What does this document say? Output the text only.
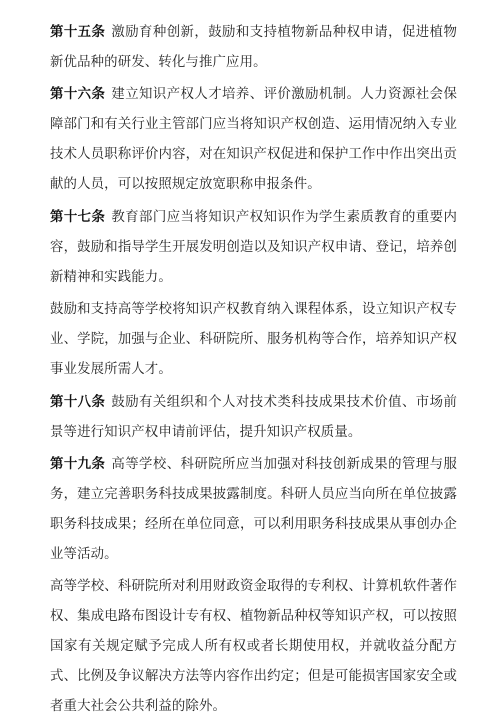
第十五条 激励育种创新，鼓励和支持植物新品种权申请，促进植物新优品种的研发、转化与推广应用。

第十六条 建立知识产权人才培养、评价激励机制。人力资源社会保障部门和有关行业主管部门应当将知识产权创造、运用情况纳入专业技术人员职称评价内容，对在知识产权促进和保护工作中作出突出贡献的人员，可以按照规定放宽职称申报条件。

第十七条 教育部门应当将知识产权知识作为学生素质教育的重要内容，鼓励和指导学生开展发明创造以及知识产权申请、登记，培养创新精神和实践能力。

鼓励和支持高等学校将知识产权教育纳入课程体系，设立知识产权专业、学院，加强与企业、科研院所、服务机构等合作，培养知识产权事业发展所需人才。

第十八条 鼓励有关组织和个人对技术类科技成果技术价值、市场前景等进行知识产权申请前评估，提升知识产权质量。

第十九条 高等学校、科研院所应当加强对科技创新成果的管理与服务，建立完善职务科技成果披露制度。科研人员应当向所在单位披露职务科技成果；经所在单位同意，可以利用职务科技成果从事创办企业等活动。

高等学校、科研院所对利用财政资金取得的专利权、计算机软件著作权、集成电路布图设计专有权、植物新品种权等知识产权，可以按照国家有关规定赋予完成人所有权或者长期使用权，并就收益分配方式、比例及争议解决方法等内容作出约定；但是可能损害国家安全或者重大社会公共利益的除外。
